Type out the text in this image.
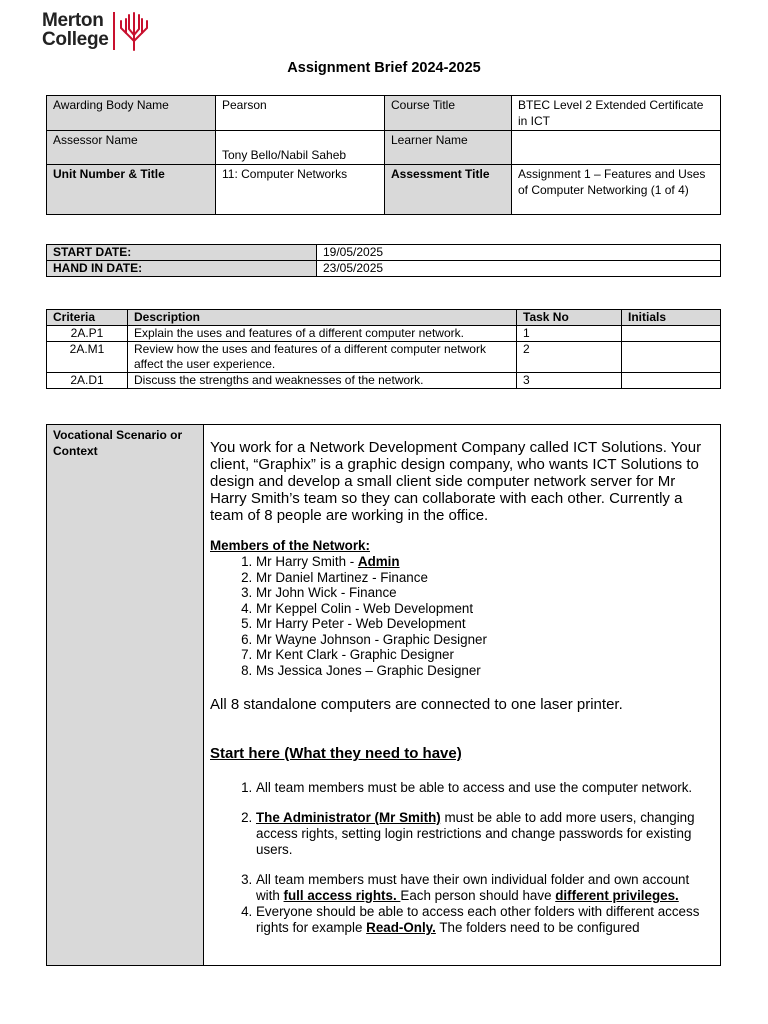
Merton
College
Assignment Brief 2024-2025
Awarding Body Name	Pearson	Course Title	BTEC Level 2 Extended Certificate in ICT
Assessor Name	Tony Bello/Nabil Saheb	Learner Name	
Unit Number & Title	11: Computer Networks	Assessment Title	Assignment 1 – Features and Uses of Computer Networking (1 of 4)
START DATE:	19/05/2025
HAND IN DATE:	23/05/2025
Criteria	Description	Task No	Initials
2A.P1	Explain the uses and features of a different computer network.	1	
2A.M1	Review how the uses and features of a different computer network affect the user experience.	2	
2A.D1	Discuss the strengths and weaknesses of the network.	3	
Vocational Scenario or Context	You work for a Network Development Company called ICT Solutions. Your client, “Graphix” is a graphic design company, who wants ICT Solutions to design and develop a small client side computer network server for Mr Harry Smith’s team so they can collaborate with each other. Currently a team of 8 people are working in the office.
Members of the Network:
1. Mr Harry Smith - Admin
2. Mr Daniel Martinez - Finance
3. Mr John Wick - Finance
4. Mr Keppel Colin - Web Development
5. Mr Harry Peter - Web Development
6. Mr Wayne Johnson - Graphic Designer
7. Mr Kent Clark - Graphic Designer
8. Ms Jessica Jones – Graphic Designer
All 8 standalone computers are connected to one laser printer.
Start here (What they need to have)
1. All team members must be able to access and use the computer network.
2. The Administrator (Mr Smith) must be able to add more users, changing access rights, setting login restrictions and change passwords for existing users.
3. All team members must have their own individual folder and own account with full access rights. Each person should have different privileges.
4. Everyone should be able to access each other folders with different access rights for example Read-Only. The folders need to be configured
